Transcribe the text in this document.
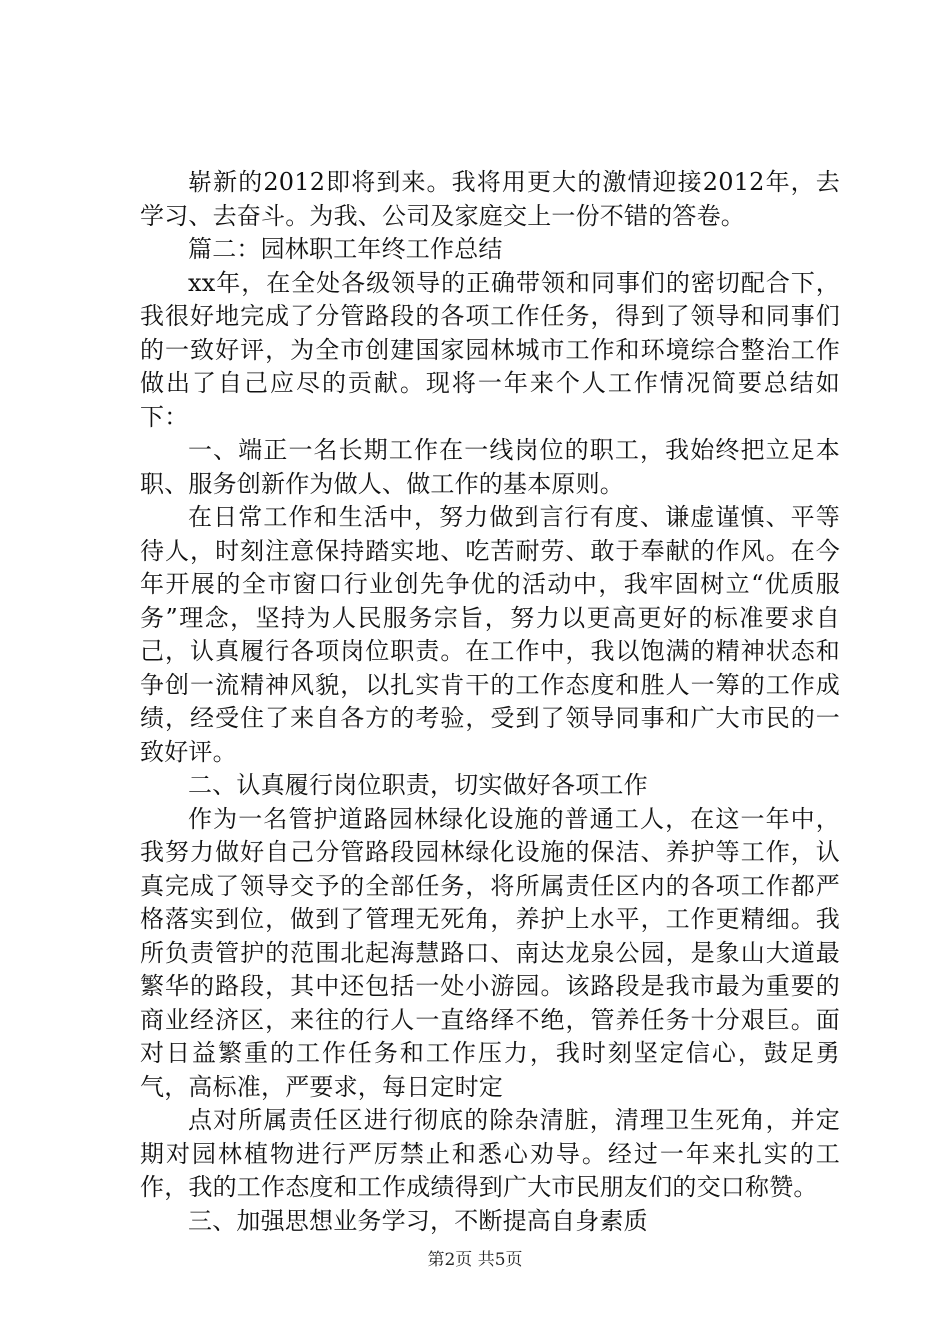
崭新的2012即将到来。我将用更大的激情迎接2012年，去学习、去奋斗。为我、公司及家庭交上一份不错的答卷。

篇二：园林职工年终工作总结

xx年，在全处各级领导的正确带领和同事们的密切配合下，我很好地完成了分管路段的各项工作任务，得到了领导和同事们的一致好评，为全市创建国家园林城市工作和环境综合整治工作做出了自己应尽的贡献。现将一年来个人工作情况简要总结如下：

一、端正一名长期工作在一线岗位的职工，我始终把立足本职、服务创新作为做人、做工作的基本原则。

在日常工作和生活中，努力做到言行有度、谦虚谨慎、平等待人，时刻注意保持踏实地、吃苦耐劳、敢于奉献的作风。在今年开展的全市窗口行业创先争优的活动中，我牢固树立“优质服务”理念，坚持为人民服务宗旨，努力以更高更好的标准要求自己，认真履行各项岗位职责。在工作中，我以饱满的精神状态和争创一流精神风貌，以扎实肯干的工作态度和胜人一筹的工作成绩，经受住了来自各方的考验，受到了领导同事和广大市民的一致好评。

二、认真履行岗位职责，切实做好各项工作

作为一名管护道路园林绿化设施的普通工人，在这一年中，我努力做好自己分管路段园林绿化设施的保洁、养护等工作，认真完成了领导交予的全部任务，将所属责任区内的各项工作都严格落实到位，做到了管理无死角，养护上水平，工作更精细。我所负责管护的范围北起海慧路口、南达龙泉公园，是象山大道最繁华的路段，其中还包括一处小游园。该路段是我市最为重要的商业经济区，来往的行人一直络绎不绝，管养任务十分艰巨。面对日益繁重的工作任务和工作压力，我时刻坚定信心，鼓足勇气，高标准，严要求，每日定时定

点对所属责任区进行彻底的除杂清脏，清理卫生死角，并定期对园林植物进行严厉禁止和悉心劝导。经过一年来扎实的工作，我的工作态度和工作成绩得到广大市民朋友们的交口称赞。

三、加强思想业务学习，不断提高自身素质

第2页 共5页
